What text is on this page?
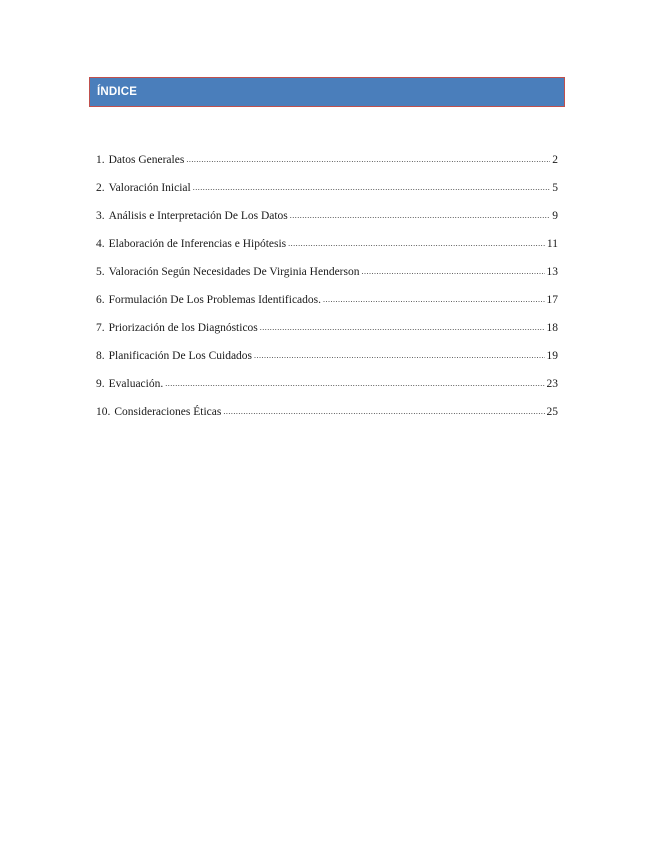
ÍNDICE
1. Datos Generales .....	2
2. Valoración Inicial .....	5
3. Análisis e Interpretación De Los Datos .....	9
4. Elaboración de Inferencias e Hipótesis .....	11
5. Valoración Según Necesidades De Virginia Henderson .....	13
6. Formulación De Los Problemas Identificados. .....	17
7. Priorización de los Diagnósticos .....	18
8. Planificación De Los Cuidados .....	19
9. Evaluación. .....	23
10. Consideraciones Éticas .....	25
